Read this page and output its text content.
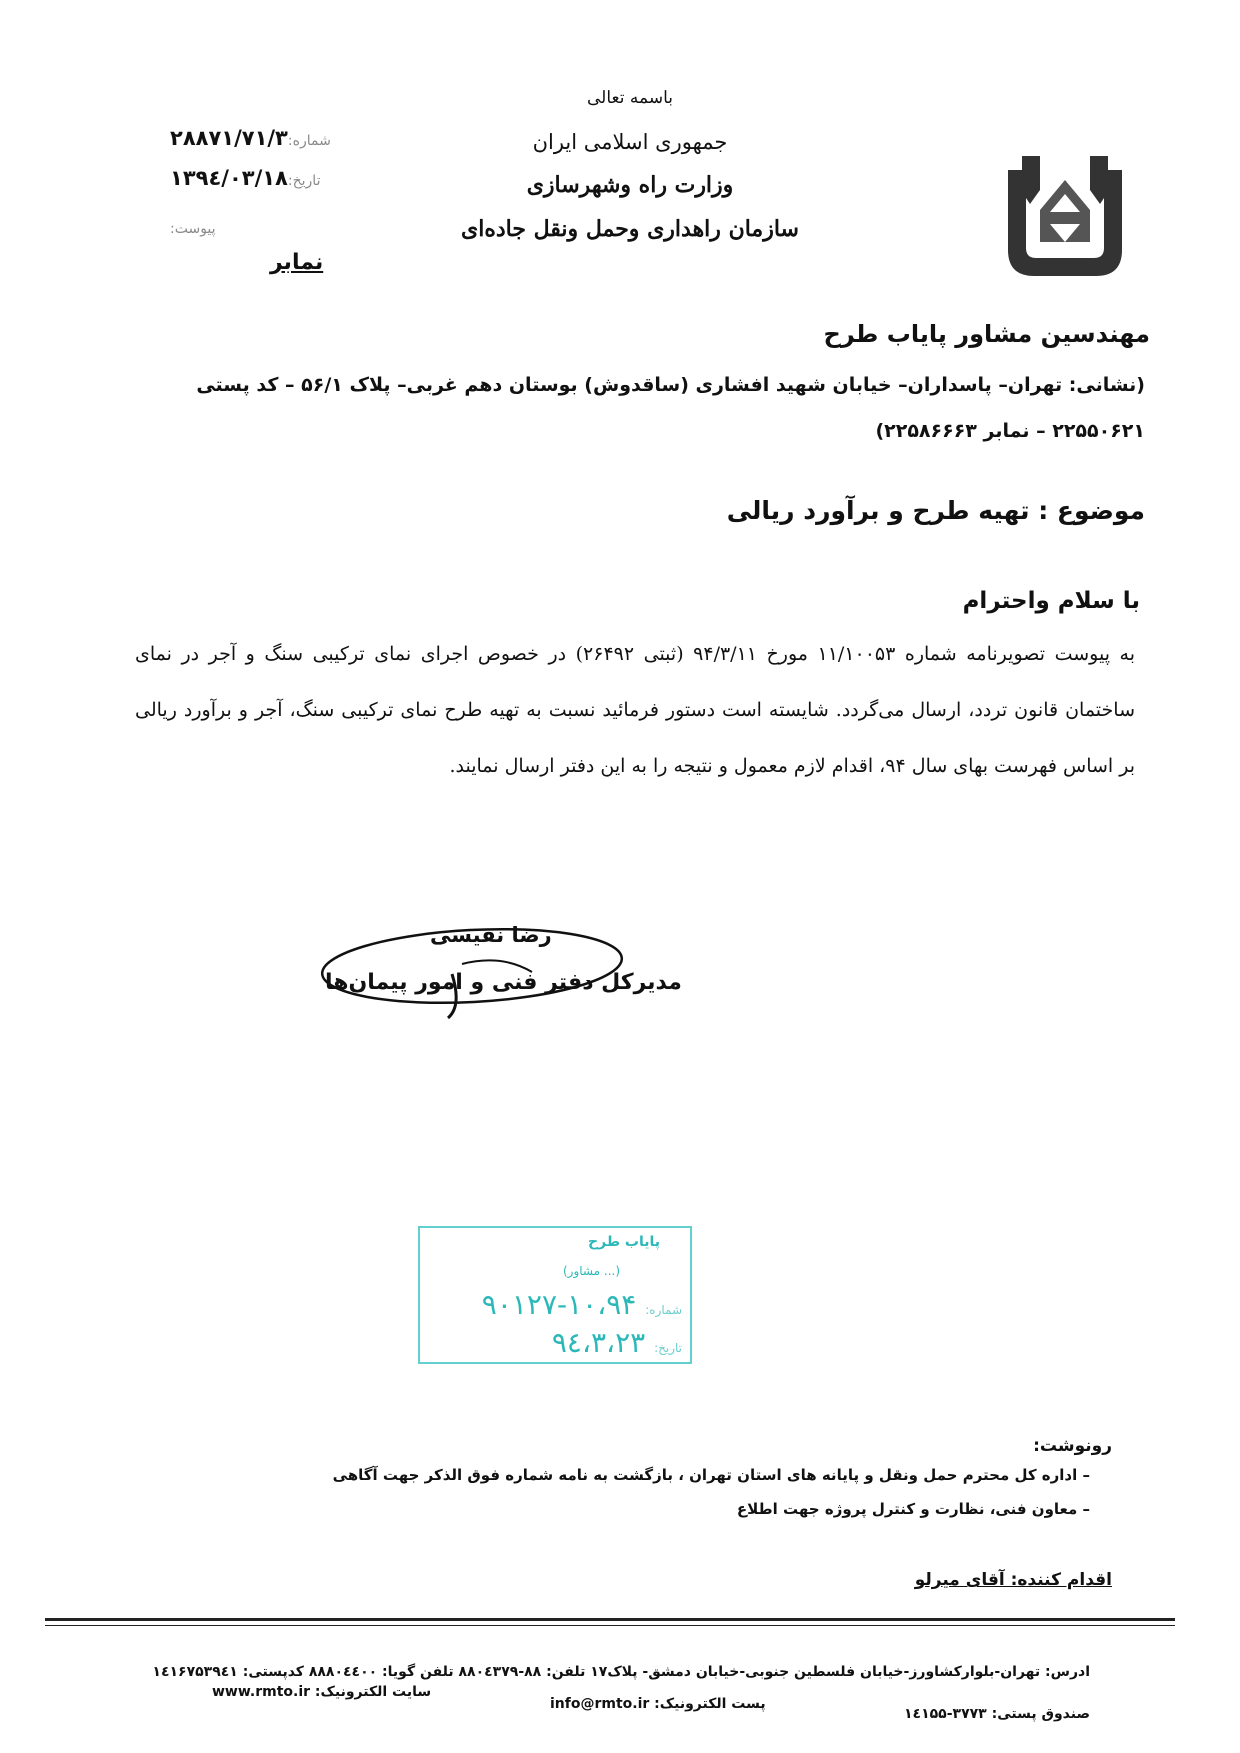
باسمه تعالی
جمهوری اسلامی ایران
وزارت راه وشهرسازی
سازمان راهداری وحمل ونقل جاده‌ای
شماره:۲۸۸۷۱/۷۱/۳
تاریخ:۱۳۹٤/۰۳/۱۸
پیوست:
نمابر
مهندسین مشاور پایاب طرح
(نشانی: تهران– پاسداران– خیابان شهید افشاری (ساقدوش) بوستان دهم غربی– پلاک ۵۶/۱ – کد پستی ۲۲۵۵۰۶۲۱ – نمابر ۲۲۵۸۶۶۶۳)
موضوع : تهیه طرح و برآورد ریالی
با سلام واحترام
به پیوست تصویرنامه شماره ۱۱/۱۰۰۵۳ مورخ ۹۴/۳/۱۱ (ثبتی ۲۶۴۹۲) در خصوص اجرای نمای ترکیبی سنگ و آجر در نمای ساختمان قانون تردد، ارسال می‌گردد. شایسته است دستور فرمائید نسبت به تهیه طرح نمای ترکیبی سنگ، آجر و برآورد ریالی بر اساس فهرست بهای سال ۹۴، اقدام لازم معمول و نتیجه را به این دفتر ارسال نمایند.
رضا نفیسی
مدیرکل دفتر فنی و امور پیمان‌ها
پایاب طرح
(... مشاور)
شماره: ۱۰،۹۴-۹۰۱۲۷
تاریخ: ۹٤،۳،۲۳
رونوشت:
– اداره کل محترم حمل ونقل و پایانه های استان تهران ، بازگشت به نامه شماره فوق الذکر جهت آگاهی
– معاون فنی، نظارت و کنترل پروژه جهت اطلاع
اقدام کننده: آقای میرلو
ادرس: تهران-بلوارکشاورز-خیابان فلسطین جنوبی-خیابان دمشق- پلاک۱۷ تلفن: ۸۸-۸۸۰٤۳۷۹ تلفن گویا: ۸۸۸۰٤٤۰۰ کدپستی: ۱٤۱۶۷۵۳۹٤۱
صندوق پستی: ۳۷۷۳-۱٤۱۵۵
پست الکترونیک: info@rmto.ir
سایت الکترونیک: www.rmto.ir
